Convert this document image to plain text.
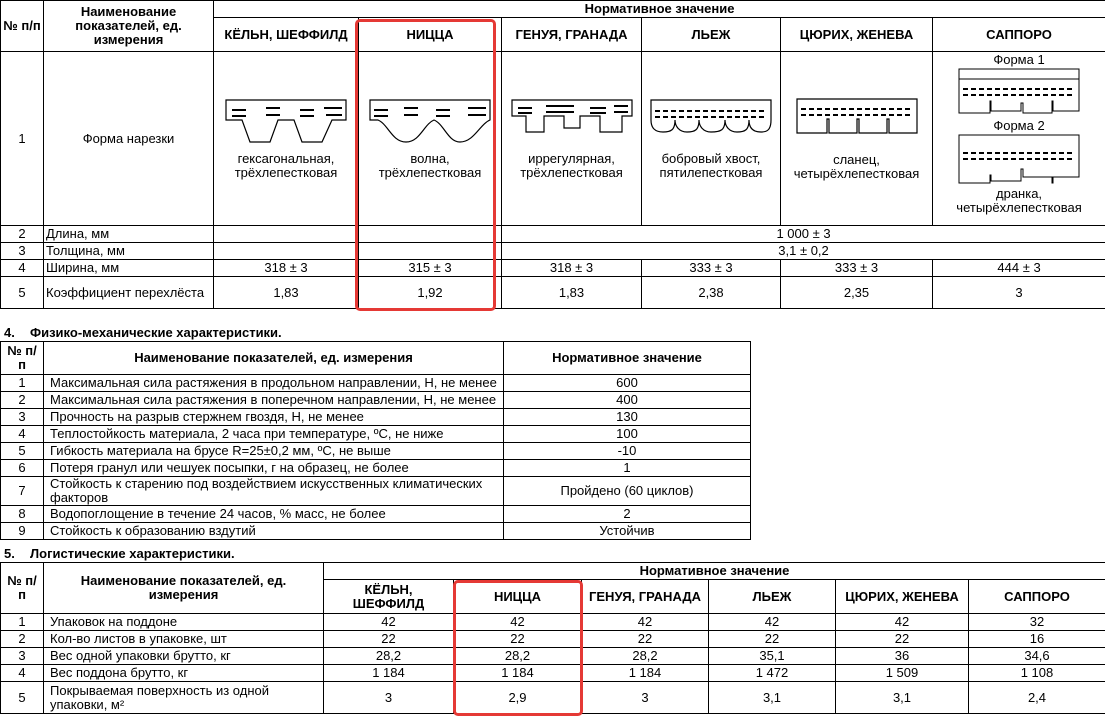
№ п/п	Наименование показателей, ед. измерения	Нормативное значение					
		КЁЛЬН, ШЕФФИЛД	НИЦЦА	ГЕНУЯ, ГРАНАДА	ЛЬЕЖ	ЦЮРИХ, ЖЕНЕВА	САППОРО
1	Форма нарезки	гексагональная, трёхлепестковая	волна, трёхлепестковая	иррегулярная, трёхлепестковая	бобровый хвост, пятилепестковая	сланец, четырёхлепестковая	Форма 1
Форма 2
дранка, четырёхлепестковая

2	Длина, мм			1 000 ± 3			
3	Толщина, мм			3,1 ± 0,2			
4	Ширина, мм	318 ± 3	315 ± 3	318 ± 3	333 ± 3	333 ± 3	444 ± 3
5	Коэффициент перехлёста	1,83	1,92	1,83	2,38	2,35	3
4. Физико-механические характеристики.
№ п/п	Наименование показателей, ед. измерения	Нормативное значение
1	Максимальная сила растяжения в продольном направлении, Н, не менее	600
2	Максимальная сила растяжения в поперечном направлении, Н, не менее	400
3	Прочность на разрыв стержнем гвоздя, Н, не менее	130
4	Теплостойкость материала, 2 часа при температуре, ºС, не ниже	100
5	Гибкость материала на брусе R=25±0,2 мм, ºС, не выше	-10
6	Потеря гранул или чешуек посыпки, г на образец, не более	1
7	Стойкость к старению под воздействием искусственных климатических факторов	Пройдено (60 циклов)
8	Водопоглощение в течение 24 часов, % масс, не более	2
9	Стойкость к образованию вздутий	Устойчив
5. Логистические характеристики.
№ п/п	Наименование показателей, ед. измерения	Нормативное значение					
		КЁЛЬН, ШЕФФИЛД	НИЦЦА	ГЕНУЯ, ГРАНАДА	ЛЬЕЖ	ЦЮРИХ, ЖЕНЕВА	САППОРО
1	Упаковок на поддоне	42	42	42	42	42	32
2	Кол-во листов в упаковке, шт	22	22	22	22	22	16
3	Вес одной упаковки брутто, кг	28,2	28,2	28,2	35,1	36	34,6
4	Вес поддона брутто, кг	1 184	1 184	1 184	1 472	1 509	1 108
5	Покрываемая поверхность из одной упаковки, м²	3	2,9	3	3,1	3,1	2,4
